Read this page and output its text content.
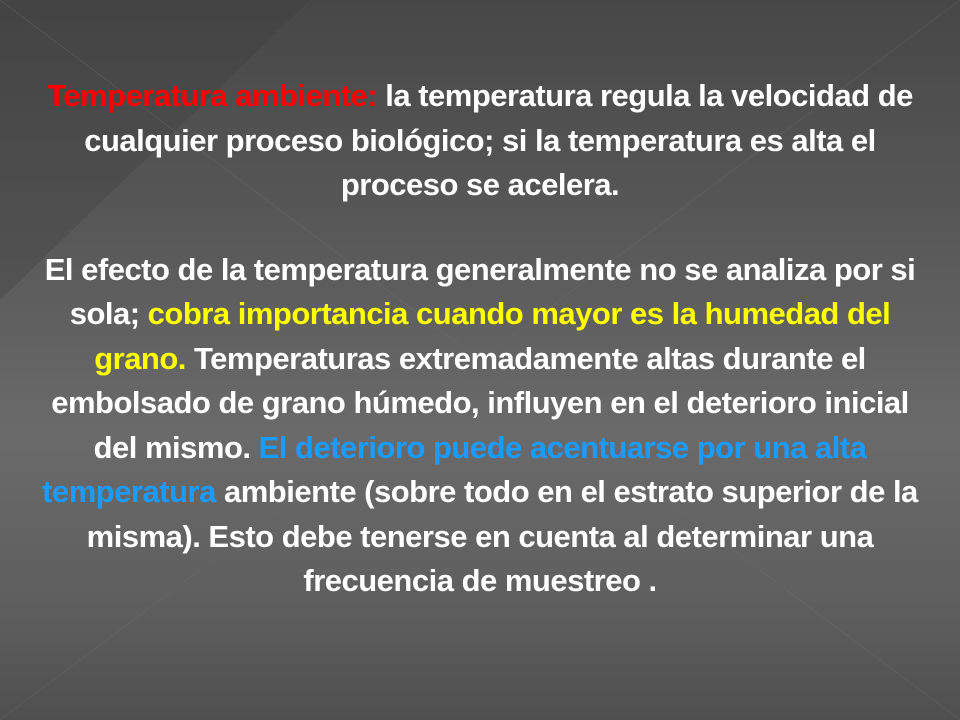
Temperatura ambiente: la temperatura regula la velocidad de cualquier proceso biológico; si la temperatura es alta el proceso se acelera.

El efecto de la temperatura generalmente no se analiza por si sola; cobra importancia cuando mayor es la humedad del grano. Temperaturas extremadamente altas durante el embolsado de grano húmedo, influyen en el deterioro inicial del mismo. El deterioro puede acentuarse por una alta temperatura ambiente (sobre todo en el estrato superior de la misma). Esto debe tenerse en cuenta al determinar una frecuencia de muestreo .
